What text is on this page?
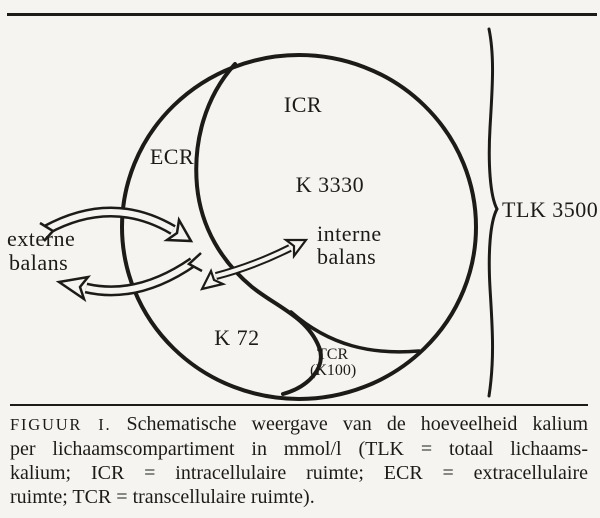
ECR
ICR
K 3330
K 72
TCR
(K100)
TLK 3500
externe
balans
interne
balans
FIGUUR I. Schematische weergave van de hoeveelheid kalium
per lichaamscompartiment in mmol/l (TLK = totaal lichaams-
kalium; ICR = intracellulaire ruimte; ECR = extracellulaire
ruimte; TCR = transcellulaire ruimte).
